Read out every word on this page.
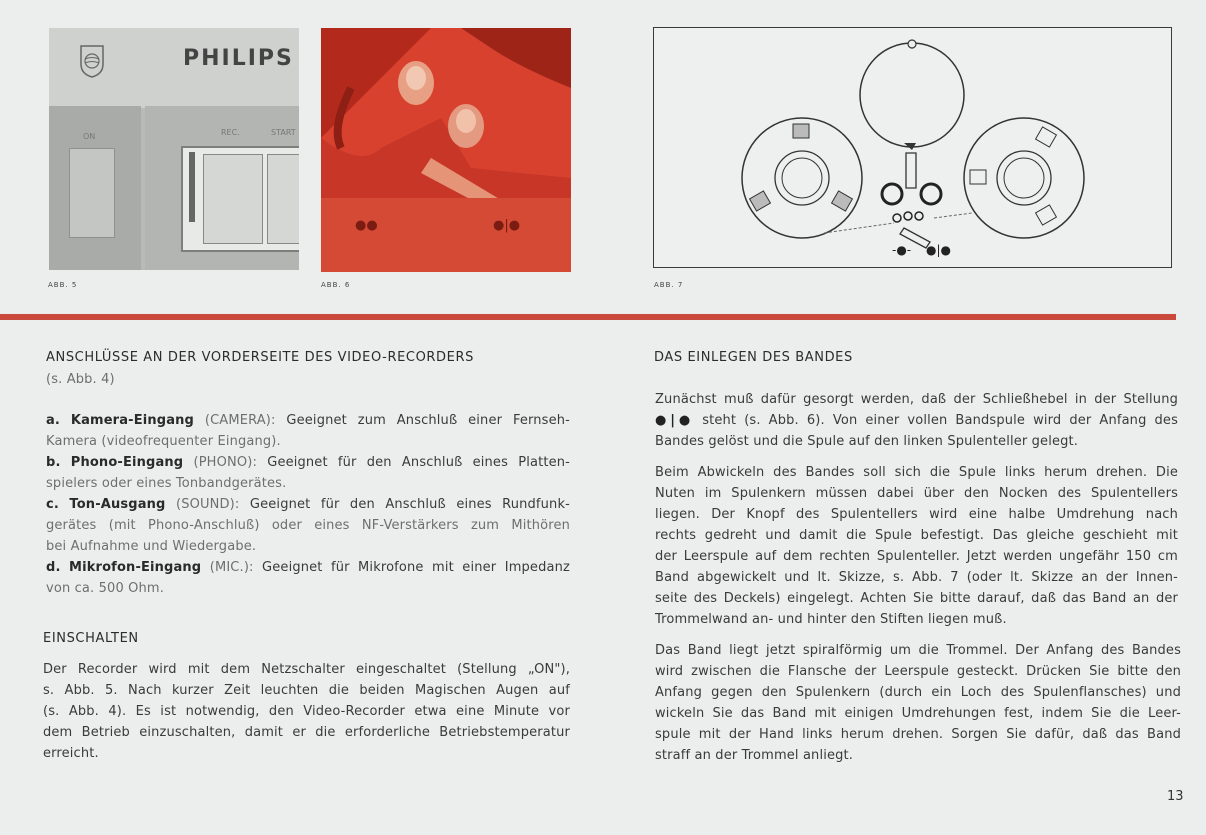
PHILIPS
ON	REC.	START
ABB. 5
●●	●|●
ABB. 6
-●- ●|●
ABB. 7
ANSCHLÜSSE AN DER VORDERSEITE DES VIDEO-RECORDERS
(s. Abb. 4)
a. Kamera-Eingang (CAMERA): Geeignet zum Anschluß einer Fernseh-
Kamera (videofrequenter Eingang).
b. Phono-Eingang (PHONO): Geeignet für den Anschluß eines Platten-
spielers oder eines Tonbandgerätes.
c. Ton-Ausgang (SOUND): Geeignet für den Anschluß eines Rundfunk-
gerätes (mit Phono-Anschluß) oder eines NF-Verstärkers zum Mithören
bei Aufnahme und Wiedergabe.
d. Mikrofon-Eingang (MIC.): Geeignet für Mikrofone mit einer Impedanz
von ca. 500 Ohm.
EINSCHALTEN
Der Recorder wird mit dem Netzschalter eingeschaltet (Stellung „ON"),
s. Abb. 5. Nach kurzer Zeit leuchten die beiden Magischen Augen auf
(s. Abb. 4). Es ist notwendig, den Video-Recorder etwa eine Minute vor
dem Betrieb einzuschalten, damit er die erforderliche Betriebstemperatur
erreicht.
DAS EINLEGEN DES BANDES
Zunächst muß dafür gesorgt werden, daß der Schließhebel in der Stellung
●|● steht (s. Abb. 6). Von einer vollen Bandspule wird der Anfang des
Bandes gelöst und die Spule auf den linken Spulenteller gelegt.
Beim Abwickeln des Bandes soll sich die Spule links herum drehen. Die
Nuten im Spulenkern müssen dabei über den Nocken des Spulentellers
liegen. Der Knopf des Spulentellers wird eine halbe Umdrehung nach
rechts gedreht und damit die Spule befestigt. Das gleiche geschieht mit
der Leerspule auf dem rechten Spulenteller. Jetzt werden ungefähr 150 cm
Band abgewickelt und lt. Skizze, s. Abb. 7 (oder lt. Skizze an der Innen-
seite des Deckels) eingelegt. Achten Sie bitte darauf, daß das Band an der
Trommelwand an- und hinter den Stiften liegen muß.
Das Band liegt jetzt spiralförmig um die Trommel. Der Anfang des Bandes
wird zwischen die Flansche der Leerspule gesteckt. Drücken Sie bitte den
Anfang gegen den Spulenkern (durch ein Loch des Spulenflansches) und
wickeln Sie das Band mit einigen Umdrehungen fest, indem Sie die Leer-
spule mit der Hand links herum drehen. Sorgen Sie dafür, daß das Band
straff an der Trommel anliegt.
13
